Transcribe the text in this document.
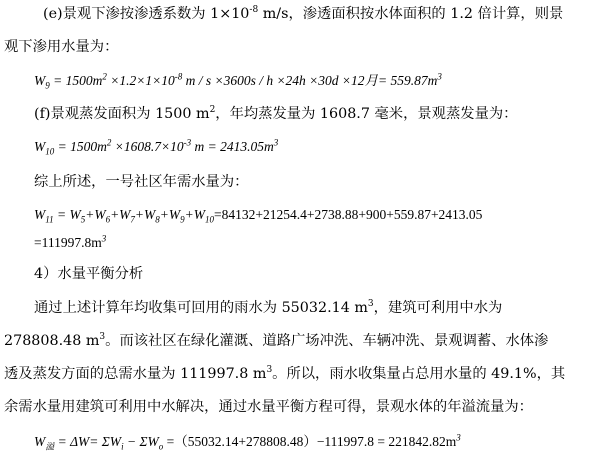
(e)景观下渗按渗透系数为 $1\times 10^{-8}$ m/s，渗透面积按水体面积的 1.2 倍计算，则景
观下渗用水量为：
$W_9 = 1500m^2 \times 1.2\times 1\times 10^{-8}$ m / s ×3600s / h ×24h ×30d ×12月= $559.87m^3$
(f)景观蒸发面积为 1500 $m^2$，年均蒸发量为 1608.7 毫米，景观蒸发量为：
$W_{10} = 1500m^2 \times 1608.7\times 10^{-3}$ $m = 2413.05m^3$
综上所述，一号社区年需水量为：
$W_{11} = W_5+W_6+W_7+W_8+W_9+W_{10}=84132+21254.4+2738.88+900+559.87+2413.05$
$=111997.8m^3$
4）水量平衡分析
通过上述计算年均收集可回用的雨水为 55032.14 $m^3$，建筑可利用中水为
278808.48 $m^3$。而该社区在绿化灌溉、道路广场冲洗、车辆冲洗、景观调蓄、水体渗
透及蒸发方面的总需水量为 111997.8 $m^3$。所以，雨水收集量占总用水量的 49.1%，其
余需水量用建筑可利用中水解决，通过水量平衡方程可得，景观水体的年溢流量为：
$W_溢 = \Delta W= \Sigma W_i - \Sigma W_o =(55032.14+278808.48)-111997.8 = 221842.82m^3$
